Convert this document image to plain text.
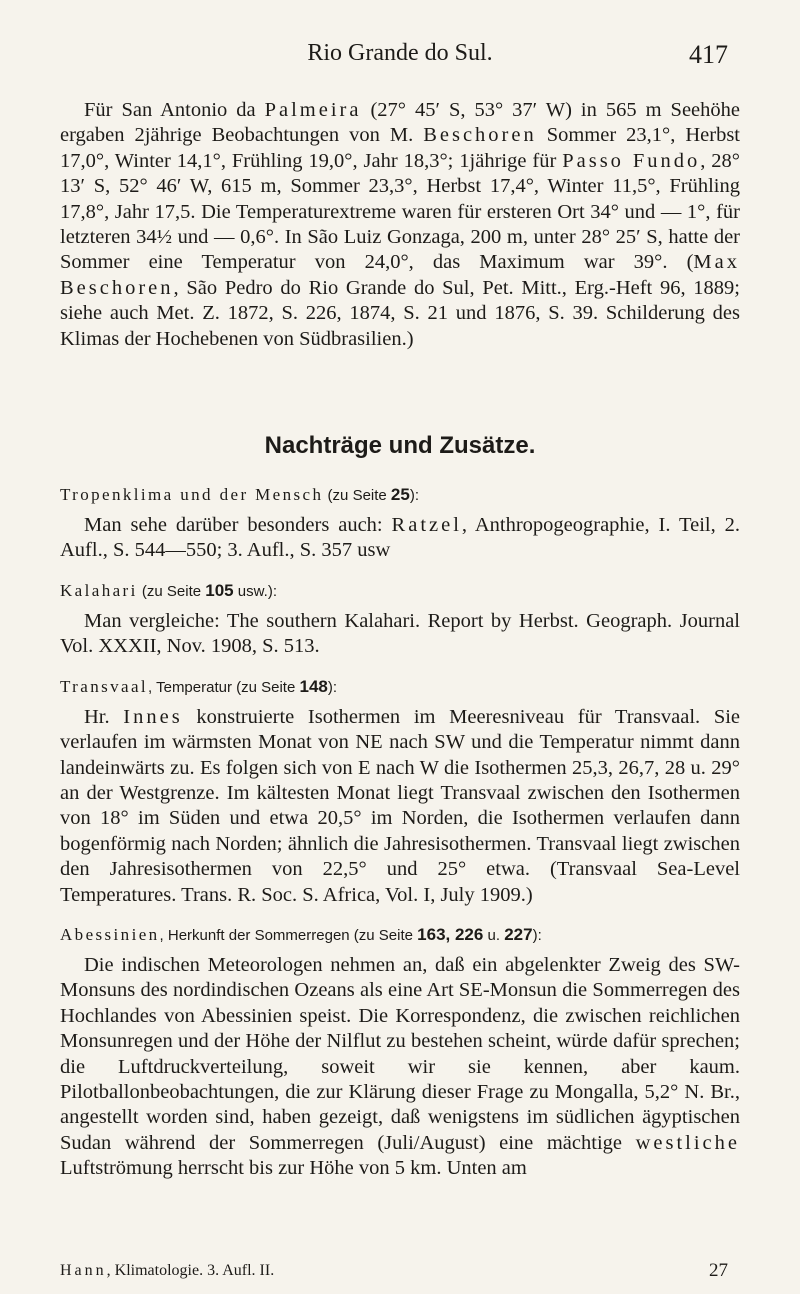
Rio Grande do Sul.	417

Für San Antonio da Palmeira (27° 45′ S, 53° 37′ W) in 565 m Seehöhe ergaben 2jährige Beobachtungen von M. Beschoren Sommer 23,1°, Herbst 17,0°, Winter 14,1°, Frühling 19,0°, Jahr 18,3°; 1jährige für Passo Fundo, 28° 13′ S, 52° 46′ W, 615 m, Sommer 23,3°, Herbst 17,4°, Winter 11,5°, Frühling 17,8°, Jahr 17,5. Die Temperaturextreme waren für ersteren Ort 34° und — 1°, für letzteren 34½ und — 0,6°. In São Luiz Gonzaga, 200 m, unter 28° 25′ S, hatte der Sommer eine Temperatur von 24,0°, das Maximum war 39°. (Max Beschoren, São Pedro do Rio Grande do Sul, Pet. Mitt., Erg.-Heft 96, 1889; siehe auch Met. Z. 1872, S. 226, 1874, S. 21 und 1876, S. 39. Schilderung des Klimas der Hochebenen von Südbrasilien.)

Nachträge und Zusätze.
Tropenklima und der Mensch (zu Seite 25):

Man sehe darüber besonders auch: Ratzel, Anthropogeographie, I. Teil, 2. Aufl., S. 544—550; 3. Aufl., S. 357 usw

Kalahari (zu Seite 105 usw.):

Man vergleiche: The southern Kalahari. Report by Herbst. Geograph. Journal Vol. XXXII, Nov. 1908, S. 513.

Transvaal, Temperatur (zu Seite 148):

Hr. Innes konstruierte Isothermen im Meeresniveau für Transvaal. Sie verlaufen im wärmsten Monat von NE nach SW und die Temperatur nimmt dann landeinwärts zu. Es folgen sich von E nach W die Isothermen 25,3, 26,7, 28 u. 29° an der Westgrenze. Im kältesten Monat liegt Transvaal zwischen den Isothermen von 18° im Süden und etwa 20,5° im Norden, die Isothermen verlaufen dann bogenförmig nach Norden; ähnlich die Jahresisothermen. Transvaal liegt zwischen den Jahresisothermen von 22,5° und 25° etwa. (Transvaal Sea-Level Temperatures. Trans. R. Soc. S. Africa, Vol. I, July 1909.)

Abessinien, Herkunft der Sommerregen (zu Seite 163, 226 u. 227):

Die indischen Meteorologen nehmen an, daß ein abgelenkter Zweig des SW-Monsuns des nordindischen Ozeans als eine Art SE-Monsun die Sommerregen des Hochlandes von Abessinien speist. Die Korrespondenz, die zwischen reichlichen Monsunregen und der Höhe der Nilflut zu bestehen scheint, würde dafür sprechen; die Luftdruckverteilung, soweit wir sie kennen, aber kaum. Pilotballonbeobachtungen, die zur Klärung dieser Frage zu Mongalla, 5,2° N. Br., angestellt worden sind, haben gezeigt, daß wenigstens im südlichen ägyptischen Sudan während der Sommerregen (Juli/August) eine mächtige westliche Luftströmung herrscht bis zur Höhe von 5 km. Unten am

Hann, Klimatologie. 3. Aufl. II.	27
